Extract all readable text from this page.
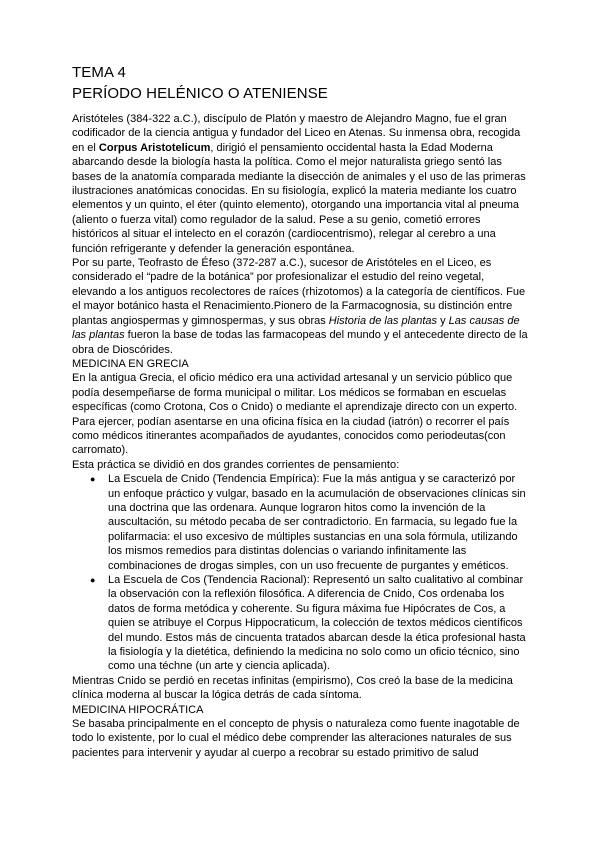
TEMA 4
PERÍODO HELÉNICO O ATENIENSE

Aristóteles (384-322 a.C.), discípulo de Platón y maestro de Alejandro Magno, fue el gran codificador de la ciencia antigua y fundador del Liceo en Atenas. Su inmensa obra, recogida en el Corpus Aristotelicum, dirigió el pensamiento occidental hasta la Edad Moderna abarcando desde la biología hasta la política. Como el mejor naturalista griego sentó las bases de la anatomía comparada mediante la disección de animales y el uso de las primeras ilustraciones anatómicas conocidas. En su fisiología, explicó la materia mediante los cuatro elementos y un quinto, el éter (quinto elemento), otorgando una importancia vital al pneuma (aliento o fuerza vital) como regulador de la salud. Pese a su genio, cometió errores históricos al situar el intelecto en el corazón (cardiocentrismo), relegar al cerebro a una función refrigerante y defender la generación espontánea.

Por su parte, Teofrasto de Éfeso (372-287 a.C.), sucesor de Aristóteles en el Liceo, es considerado el “padre de la botánica” por profesionalizar el estudio del reino vegetal, elevando a los antiguos recolectores de raíces (rhizotomos) a la categoría de científicos. Fue el mayor botánico hasta el Renacimiento.Pionero de la Farmacognosia, su distinción entre plantas angiospermas y gimnospermas, y sus obras Historia de las plantas y Las causas de las plantas fueron la base de todas las farmacopeas del mundo y el antecedente directo de la obra de Dioscórides.

MEDICINA EN GRECIA

En la antigua Grecia, el oficio médico era una actividad artesanal y un servicio público que podía desempeñarse de forma municipal o militar. Los médicos se formaban en escuelas específicas (como Crotona, Cos o Cnido) o mediante el aprendizaje directo con un experto. Para ejercer, podían asentarse en una oficina física en la ciudad (iatrón) o recorrer el país como médicos itinerantes acompañados de ayudantes, conocidos como periodeutas(con carromato).

Esta práctica se dividió en dos grandes corrientes de pensamiento:

● La Escuela de Cnido (Tendencia Empírica): Fue la más antigua y se caracterizó por un enfoque práctico y vulgar, basado en la acumulación de observaciones clínicas sin una doctrina que las ordenara. Aunque lograron hitos como la invención de la auscultación, su método pecaba de ser contradictorio. En farmacia, su legado fue la polifarmacia: el uso excesivo de múltiples sustancias en una sola fórmula, utilizando los mismos remedios para distintas dolencias o variando infinitamente las combinaciones de drogas simples, con un uso frecuente de purgantes y eméticos.
● La Escuela de Cos (Tendencia Racional): Representó un salto cualitativo al combinar la observación con la reflexión filosófica. A diferencia de Cnido, Cos ordenaba los datos de forma metódica y coherente. Su figura máxima fue Hipócrates de Cos, a quien se atribuye el Corpus Hippocraticum, la colección de textos médicos científicos del mundo. Estos más de cincuenta tratados abarcan desde la ética profesional hasta la fisiología y la dietética, definiendo la medicina no solo como un oficio técnico, sino como una téchne (un arte y ciencia aplicada).

Mientras Cnido se perdió en recetas infinitas (empirismo), Cos creó la base de la medicina clínica moderna al buscar la lógica detrás de cada síntoma.

MEDICINA HIPOCRÁTICA

Se basaba principalmente en el concepto de physis o naturaleza como fuente inagotable de todo lo existente, por lo cual el médico debe comprender las alteraciones naturales de sus pacientes para intervenir y ayudar al cuerpo a recobrar su estado primitivo de salud
